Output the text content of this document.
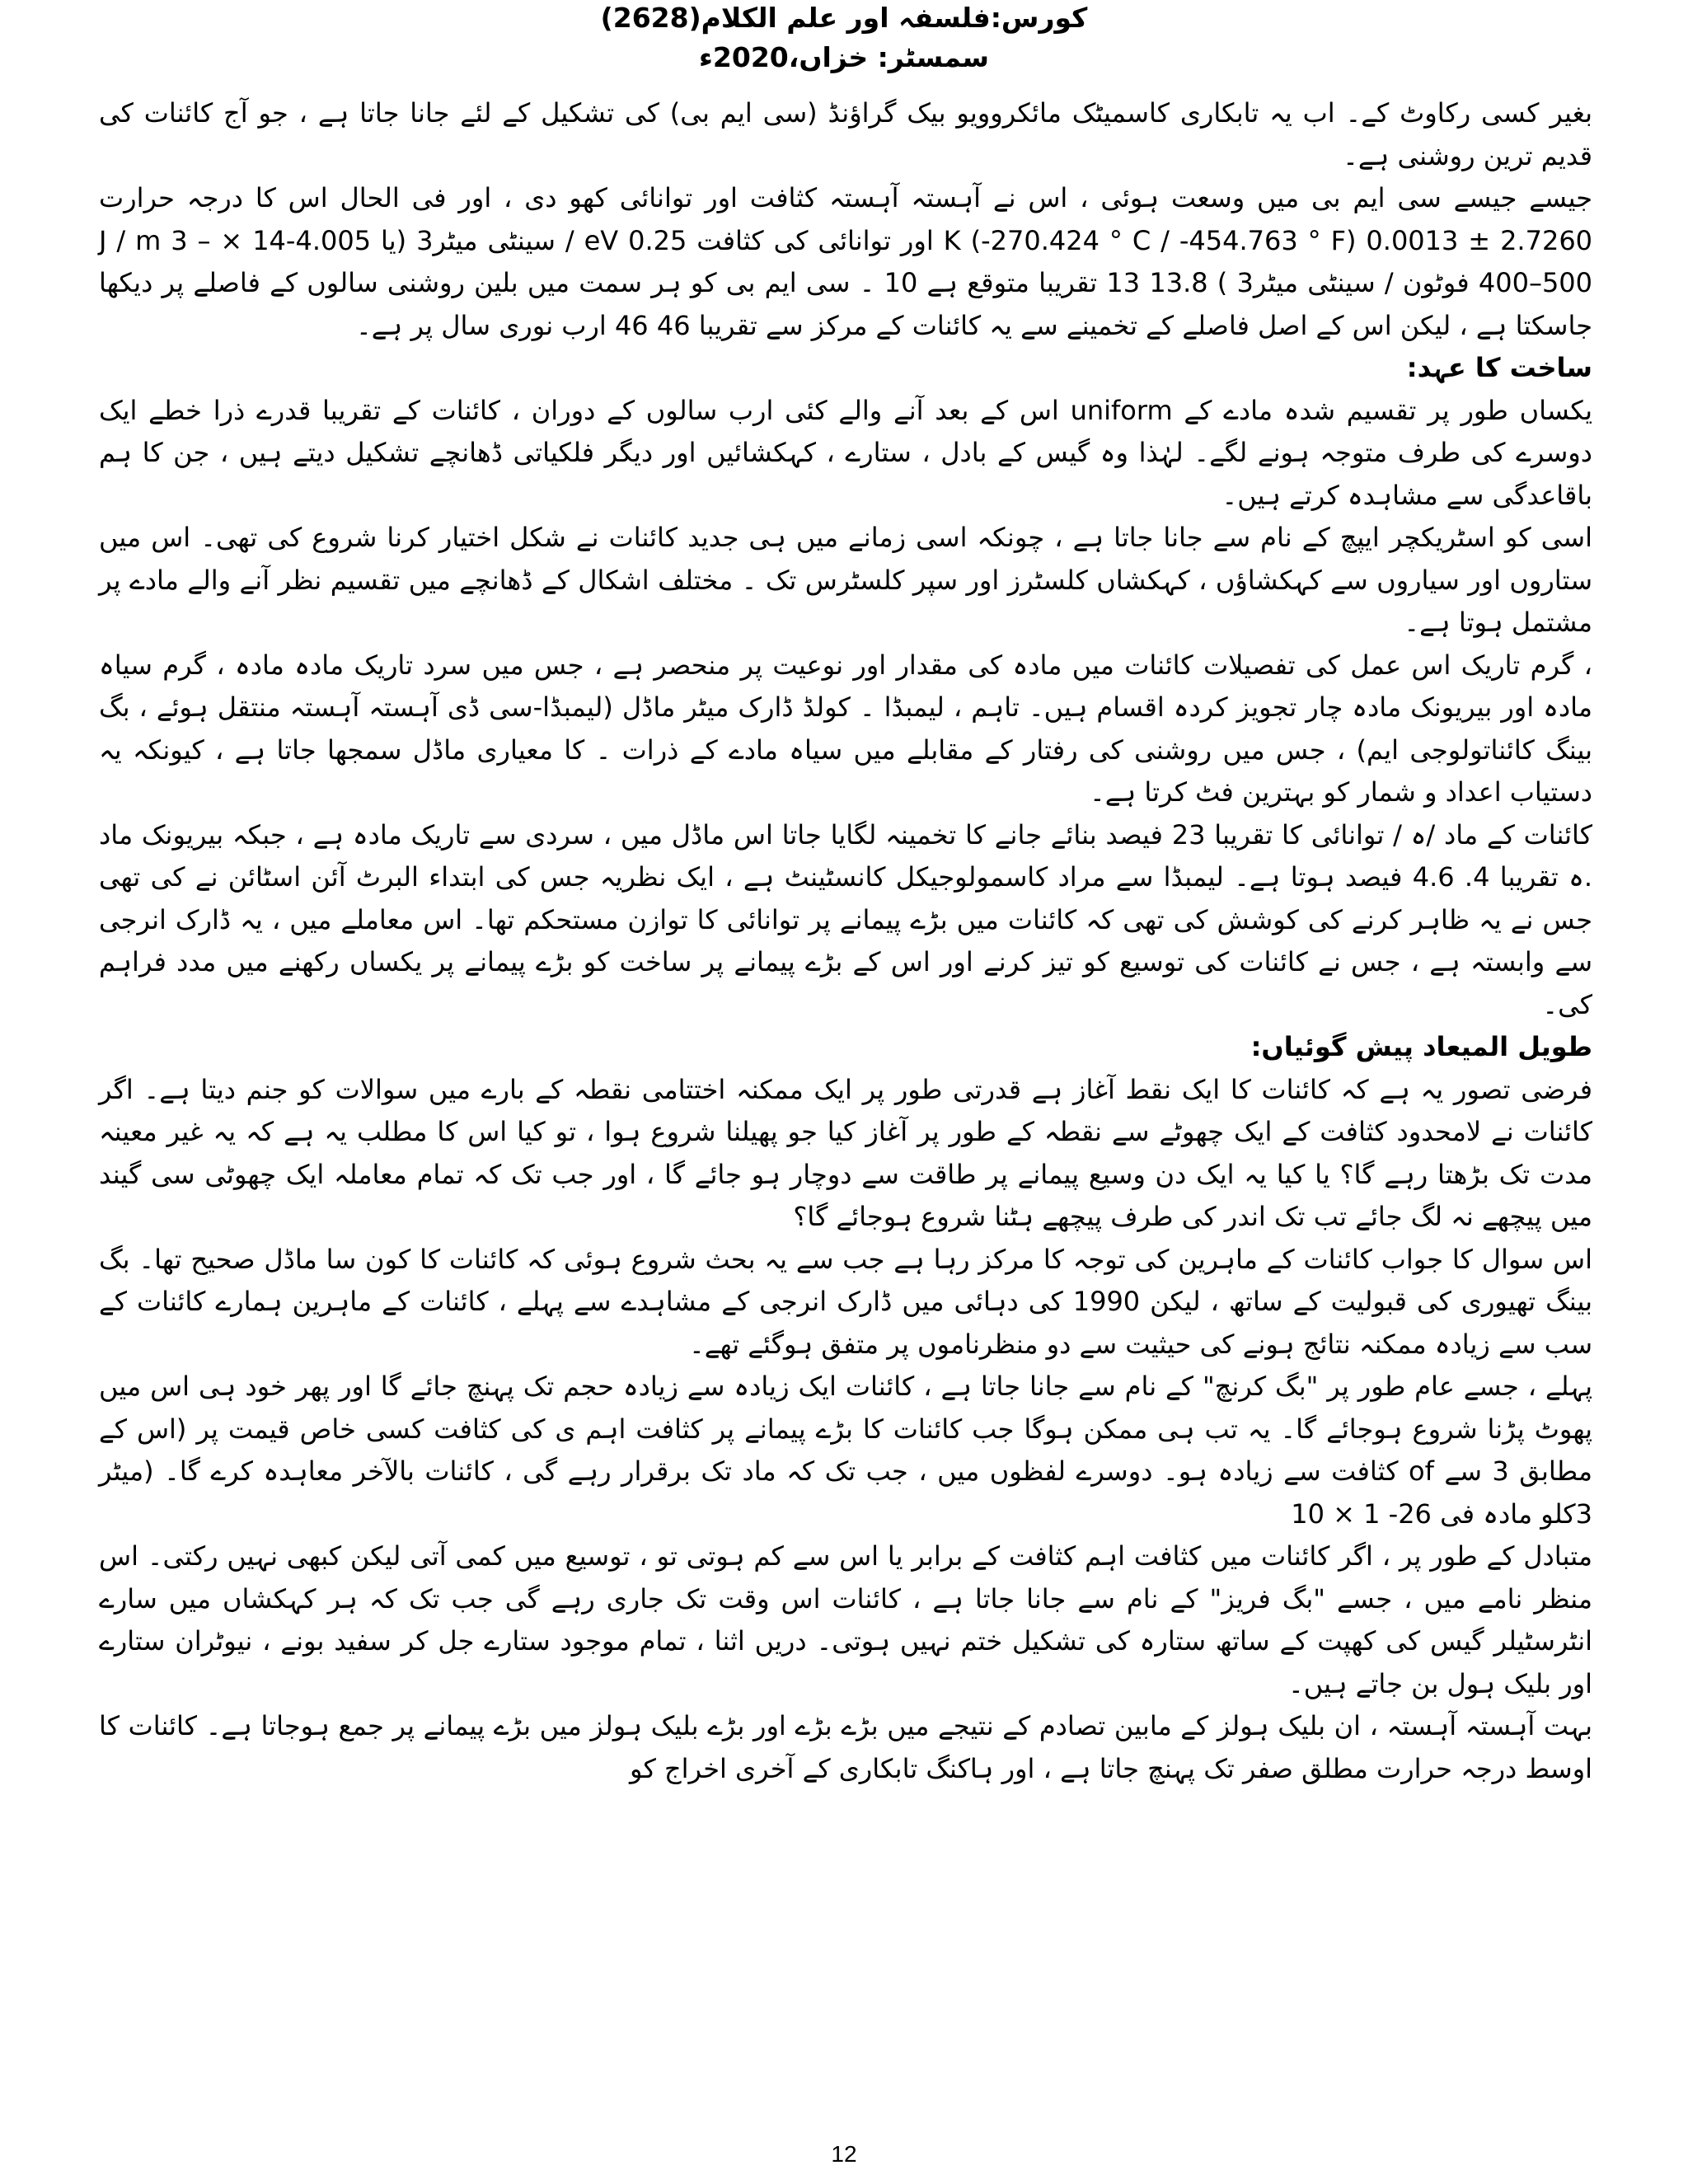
کورس:فلسفہ اور علم الکلام(2628)
سمسٹر: خزاں،2020ء

بغیر کسی رکاوٹ کے۔ اب یہ تابکاری کاسمیٹک مائکروویو بیک گراؤنڈ (سی ایم بی) کی تشکیل کے لئے جانا جاتا ہے ، جو آج کائنات کی قدیم ترین روشنی ہے۔

جیسے جیسے سی ایم بی میں وسعت ہوئی ، اس نے آہستہ آہستہ کثافت اور توانائی کھو دی ، اور فی الحال اس کا درجہ حرارت 2.7260 ± 0.0013 K (-270.424 ° C / -454.763 ° F) اور توانائی کی کثافت 0.25 eV / سینٹی میٹر3 (یا 4.005-14 × J / m 3 – 400–500 فوٹون / سینٹی میٹر3 ) 13.8 13 تقریبا متوقع ہے 10 ۔ سی ایم بی کو ہر سمت میں بلین روشنی سالوں کے فاصلے پر دیکھا جاسکتا ہے ، لیکن اس کے اصل فاصلے کے تخمینے سے یہ کائنات کے مرکز سے تقریبا 46 46 ارب نوری سال پر ہے۔

ساخت کا عہد:

یکساں طور پر تقسیم شدہ مادے کے uniform اس کے بعد آنے والے کئی ارب سالوں کے دوران ، کائنات کے تقریبا قدرے ذرا خطے ایک دوسرے کی طرف متوجہ ہونے لگے۔ لہٰذا وہ گیس کے بادل ، ستارے ، کہکشائیں اور دیگر فلکیاتی ڈھانچے تشکیل دیتے ہیں ، جن کا ہم باقاعدگی سے مشاہدہ کرتے ہیں۔

اسی کو اسٹریکچر ایپچ کے نام سے جانا جاتا ہے ، چونکہ اسی زمانے میں ہی جدید کائنات نے شکل اختیار کرنا شروع کی تھی۔ اس میں ستاروں اور سیاروں سے کہکشاؤں ، کہکشاں کلسٹرز اور سپر کلسٹرس تک ۔ مختلف اشکال کے ڈھانچے میں تقسیم نظر آنے والے مادے پر مشتمل ہوتا ہے۔

، گرم تاریک اس عمل کی تفصیلات کائنات میں مادہ کی مقدار اور نوعیت پر منحصر ہے ، جس میں سرد تاریک مادہ مادہ ، گرم سیاہ مادہ اور بیریونک مادہ چار تجویز کردہ اقسام ہیں۔ تاہم ، لیمبڈا ۔ کولڈ ڈارک میٹر ماڈل (لیمبڈا-سی ڈی آہستہ آہستہ منتقل ہوئے ، بگ بینگ کائناتولوجی ایم) ، جس میں روشنی کی رفتار کے مقابلے میں سیاہ مادے کے ذرات ۔ کا معیاری ماڈل سمجھا جاتا ہے ، کیونکہ یہ دستیاب اعداد و شمار کو بہترین فٹ کرتا ہے۔

کائنات کے ماد /ہ / توانائی کا تقریبا 23 فیصد بنائے جانے کا تخمینہ لگایا جاتا اس ماڈل میں ، سردی سے تاریک مادہ ہے ، جبکہ بیریونک ماد .ہ تقریبا 4. 4.6 فیصد ہوتا ہے۔ لیمبڈا سے مراد کاسمولوجیکل کانسٹینٹ ہے ، ایک نظریہ جس کی ابتداء البرٹ آئن اسٹائن نے کی تھی جس نے یہ ظاہر کرنے کی کوشش کی تھی کہ کائنات میں بڑے پیمانے پر توانائی کا توازن مستحکم تھا۔ اس معاملے میں ، یہ ڈارک انرجی سے وابستہ ہے ، جس نے کائنات کی توسیع کو تیز کرنے اور اس کے بڑے پیمانے پر ساخت کو بڑے پیمانے پر یکساں رکھنے میں مدد فراہم کی۔

طویل المیعاد پیش گوئیاں:

فرضی تصور یہ ہے کہ کائنات کا ایک نقط آغاز ہے قدرتی طور پر ایک ممکنہ اختتامی نقطہ کے بارے میں سوالات کو جنم دیتا ہے۔ اگر کائنات نے لامحدود کثافت کے ایک چھوٹے سے نقطہ کے طور پر آغاز کیا جو پھیلنا شروع ہوا ، تو کیا اس کا مطلب یہ ہے کہ یہ غیر معینہ مدت تک بڑھتا رہے گا؟ یا کیا یہ ایک دن وسیع پیمانے پر طاقت سے دوچار ہو جائے گا ، اور جب تک کہ تمام معاملہ ایک چھوٹی سی گیند میں پیچھے نہ لگ جائے تب تک اندر کی طرف پیچھے ہٹنا شروع ہوجائے گا؟

اس سوال کا جواب کائنات کے ماہرین کی توجہ کا مرکز رہا ہے جب سے یہ بحث شروع ہوئی کہ کائنات کا کون سا ماڈل صحیح تھا۔ بگ بینگ تھیوری کی قبولیت کے ساتھ ، لیکن 1990 کی دہائی میں ڈارک انرجی کے مشاہدے سے پہلے ، کائنات کے ماہرین ہمارے کائنات کے سب سے زیادہ ممکنہ نتائج ہونے کی حیثیت سے دو منظرناموں پر متفق ہوگئے تھے۔

پہلے ، جسے عام طور پر "بگ کرنچ" کے نام سے جانا جاتا ہے ، کائنات ایک زیادہ سے زیادہ حجم تک پہنچ جائے گا اور پھر خود ہی اس میں پھوٹ پڑنا شروع ہوجائے گا۔ یہ تب ہی ممکن ہوگا جب کائنات کا بڑے پیمانے پر کثافت اہم ی کی کثافت کسی خاص قیمت پر (اس کے مطابق 3 سے of کثافت سے زیادہ ہو۔ دوسرے لفظوں میں ، جب تک کہ ماد تک برقرار رہے گی ، کائنات بالآخر معاہدہ کرے گا۔ (میٹر 3کلو مادہ فی 26- 1 × 10

متبادل کے طور پر ، اگر کائنات میں کثافت اہم کثافت کے برابر یا اس سے کم ہوتی تو ، توسیع میں کمی آتی لیکن کبھی نہیں رکتی۔ اس منظر نامے میں ، جسے "بگ فریز" کے نام سے جانا جاتا ہے ، کائنات اس وقت تک جاری رہے گی جب تک کہ ہر کہکشاں میں سارے انٹرسٹیلر گیس کی کھپت کے ساتھ ستارہ کی تشکیل ختم نہیں ہوتی۔ دریں اثنا ، تمام موجود ستارے جل کر سفید بونے ، نیوٹران ستارے اور بلیک ہول بن جاتے ہیں۔

بہت آہستہ آہستہ ، ان بلیک ہولز کے مابین تصادم کے نتیجے میں بڑے بڑے اور بڑے بلیک ہولز میں بڑے پیمانے پر جمع ہوجاتا ہے۔ کائنات کا اوسط درجہ حرارت مطلق صفر تک پہنچ جاتا ہے ، اور ہاکنگ تابکاری کے آخری اخراج کو

12
